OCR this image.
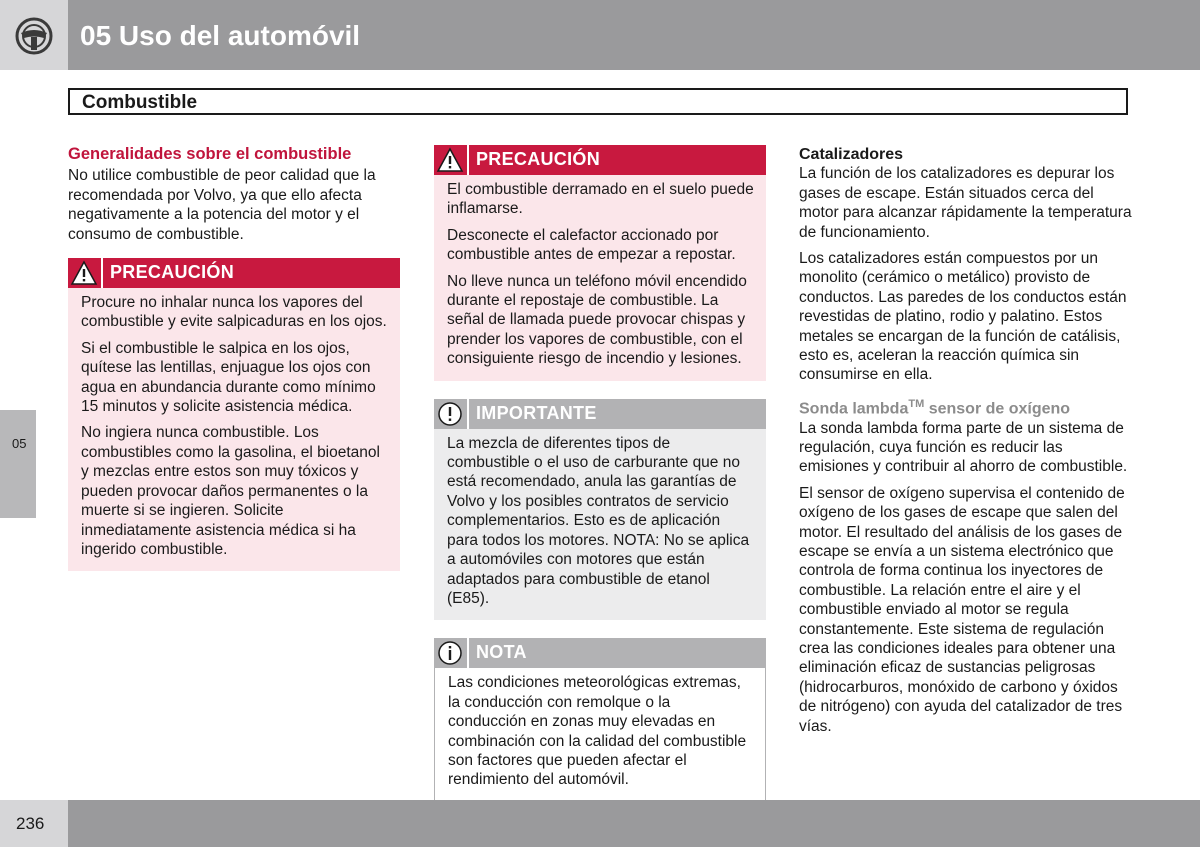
05 Uso del automóvil
Combustible
05
Generalidades sobre el combustible

No utilice combustible de peor calidad que la recomendada por Volvo, ya que ello afecta negativamente a la potencia del motor y el consumo de combustible.

PRECAUCIÓN

Procure no inhalar nunca los vapores del combustible y evite salpicaduras en los ojos.

Si el combustible le salpica en los ojos, quítese las lentillas, enjuague los ojos con agua en abundancia durante como mínimo 15 minutos y solicite asistencia médica.

No ingiera nunca combustible. Los combustibles como la gasolina, el bioetanol y mezclas entre estos son muy tóxicos y pueden provocar daños permanentes o la muerte si se ingieren. Solicite inmediatamente asistencia médica si ha ingerido combustible.

PRECAUCIÓN

El combustible derramado en el suelo puede inflamarse.

Desconecte el calefactor accionado por combustible antes de empezar a repostar.

No lleve nunca un teléfono móvil encendido durante el repostaje de combustible. La señal de llamada puede provocar chispas y prender los vapores de combustible, con el consiguiente riesgo de incendio y lesiones.

IMPORTANTE

La mezcla de diferentes tipos de combustible o el uso de carburante que no está recomendado, anula las garantías de Volvo y los posibles contratos de servicio complementarios. Esto es de aplicación para todos los motores. NOTA: No se aplica a automóviles con motores que están adaptados para combustible de etanol (E85).

NOTA

Las condiciones meteorológicas extremas, la conducción con remolque o la conducción en zonas muy elevadas en combinación con la calidad del combustible son factores que pueden afectar el rendimiento del automóvil.

Catalizadores

La función de los catalizadores es depurar los gases de escape. Están situados cerca del motor para alcanzar rápidamente la temperatura de funcionamiento.

Los catalizadores están compuestos por un monolito (cerámico o metálico) provisto de conductos. Las paredes de los conductos están revestidas de platino, rodio y palatino. Estos metales se encargan de la función de catálisis, esto es, aceleran la reacción química sin consumirse en ella.

Sonda lambda™ sensor de oxígeno

La sonda lambda forma parte de un sistema de regulación, cuya función es reducir las emisiones y contribuir al ahorro de combustible.

El sensor de oxígeno supervisa el contenido de oxígeno de los gases de escape que salen del motor. El resultado del análisis de los gases de escape se envía a un sistema electrónico que controla de forma continua los inyectores de combustible. La relación entre el aire y el combustible enviado al motor se regula constantemente. Este sistema de regulación crea las condiciones ideales para obtener una eliminación eficaz de sustancias peligrosas (hidrocarburos, monóxido de carbono y óxidos de nitrógeno) con ayuda del catalizador de tres vías.

236
